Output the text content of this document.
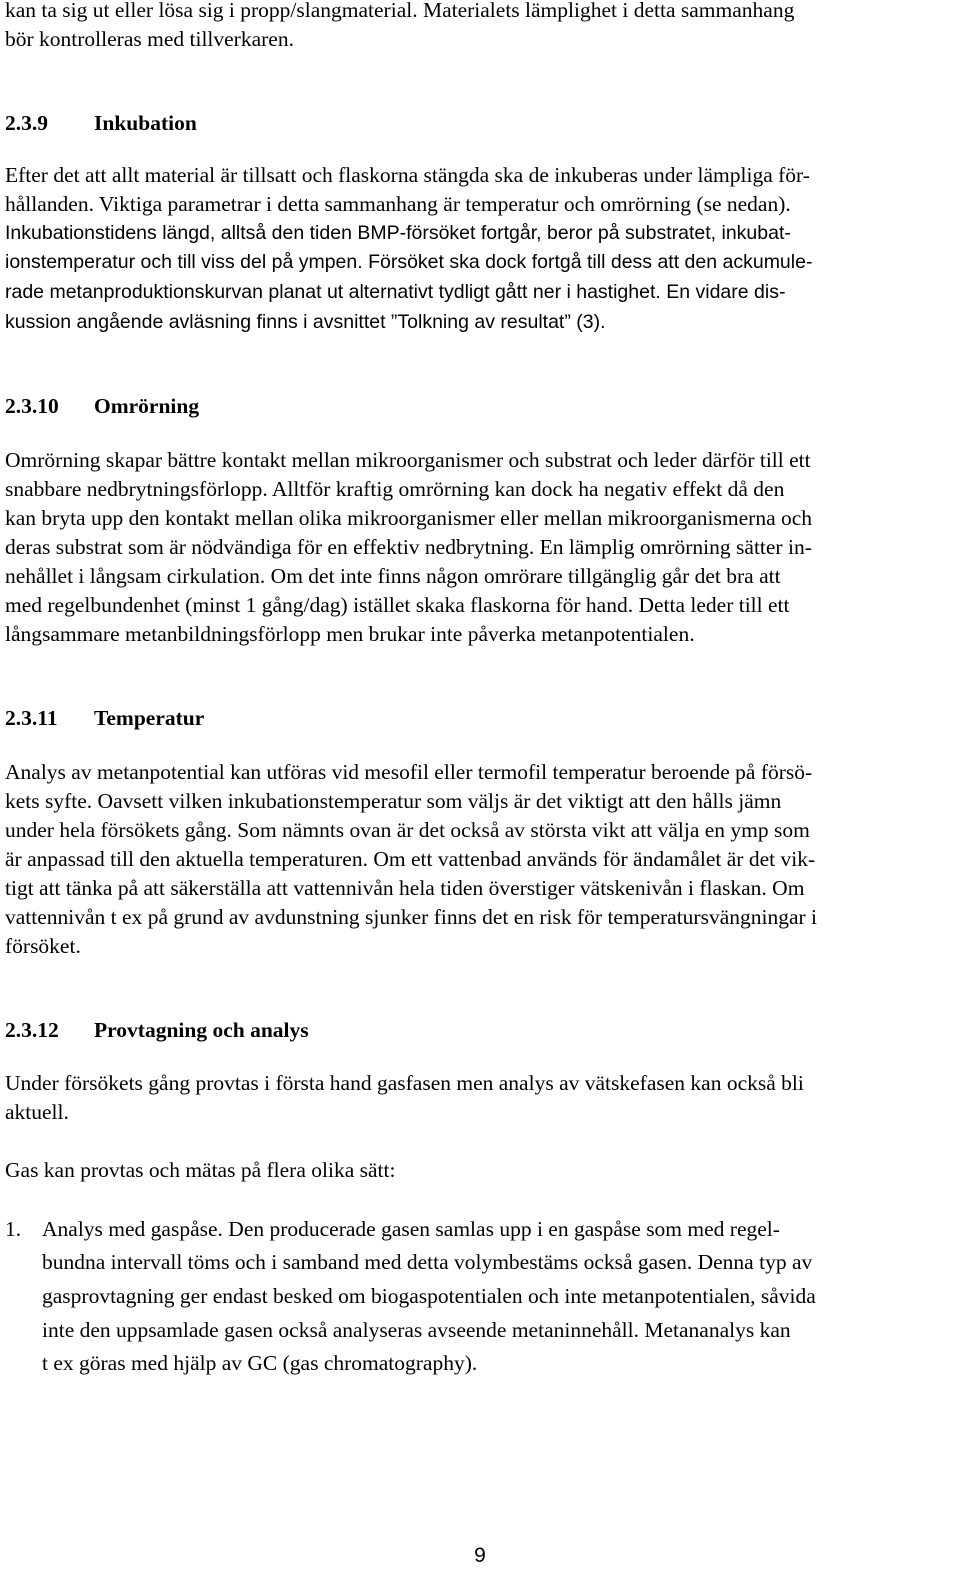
kan ta sig ut eller lösa sig i propp/slangmaterial. Materialets lämplighet i detta sammanhang
bör kontrolleras med tillverkaren.
2.3.9 Inkubation
Efter det att allt material är tillsatt och flaskorna stängda ska de inkuberas under lämpliga för-
hållanden. Viktiga parametrar i detta sammanhang är temperatur och omrörning (se nedan).
Inkubationstidens längd, alltså den tiden BMP-försöket fortgår, beror på substratet, inkubat-
ionstemperatur och till viss del på ympen. Försöket ska dock fortgå till dess att den ackumule-
rade metanproduktionskurvan planat ut alternativt tydligt gått ner i hastighet. En vidare dis-
kussion angående avläsning finns i avsnittet ”Tolkning av resultat” (3).
2.3.10 Omrörning
Omrörning skapar bättre kontakt mellan mikroorganismer och substrat och leder därför till ett
snabbare nedbrytningsförlopp. Alltför kraftig omrörning kan dock ha negativ effekt då den
kan bryta upp den kontakt mellan olika mikroorganismer eller mellan mikroorganismerna och
deras substrat som är nödvändiga för en effektiv nedbrytning. En lämplig omrörning sätter in-
nehållet i långsam cirkulation. Om det inte finns någon omrörare tillgänglig går det bra att
med regelbundenhet (minst 1 gång/dag) istället skaka flaskorna för hand. Detta leder till ett
långsammare metanbildningsförlopp men brukar inte påverka metanpotentialen.
2.3.11 Temperatur
Analys av metanpotential kan utföras vid mesofil eller termofil temperatur beroende på försö-
kets syfte. Oavsett vilken inkubationstemperatur som väljs är det viktigt att den hålls jämn
under hela försökets gång. Som nämnts ovan är det också av största vikt att välja en ymp som
är anpassad till den aktuella temperaturen. Om ett vattenbad används för ändamålet är det vik-
tigt att tänka på att säkerställa att vattennivån hela tiden överstiger vätskenivån i flaskan. Om
vattennivån t ex på grund av avdunstning sjunker finns det en risk för temperatursvängningar i
försöket.
2.3.12 Provtagning och analys
Under försökets gång provtas i första hand gasfasen men analys av vätskefasen kan också bli
aktuell.
Gas kan provtas och mätas på flera olika sätt:
1. Analys med gaspåse. Den producerade gasen samlas upp i en gaspåse som med regel-
bundna intervall töms och i samband med detta volymbestäms också gasen. Denna typ av
gasprovtagning ger endast besked om biogaspotentialen och inte metanpotentialen, såvida
inte den uppsamlade gasen också analyseras avseende metaninnehåll. Metananalys kan
t ex göras med hjälp av GC (gas chromatography).
9
